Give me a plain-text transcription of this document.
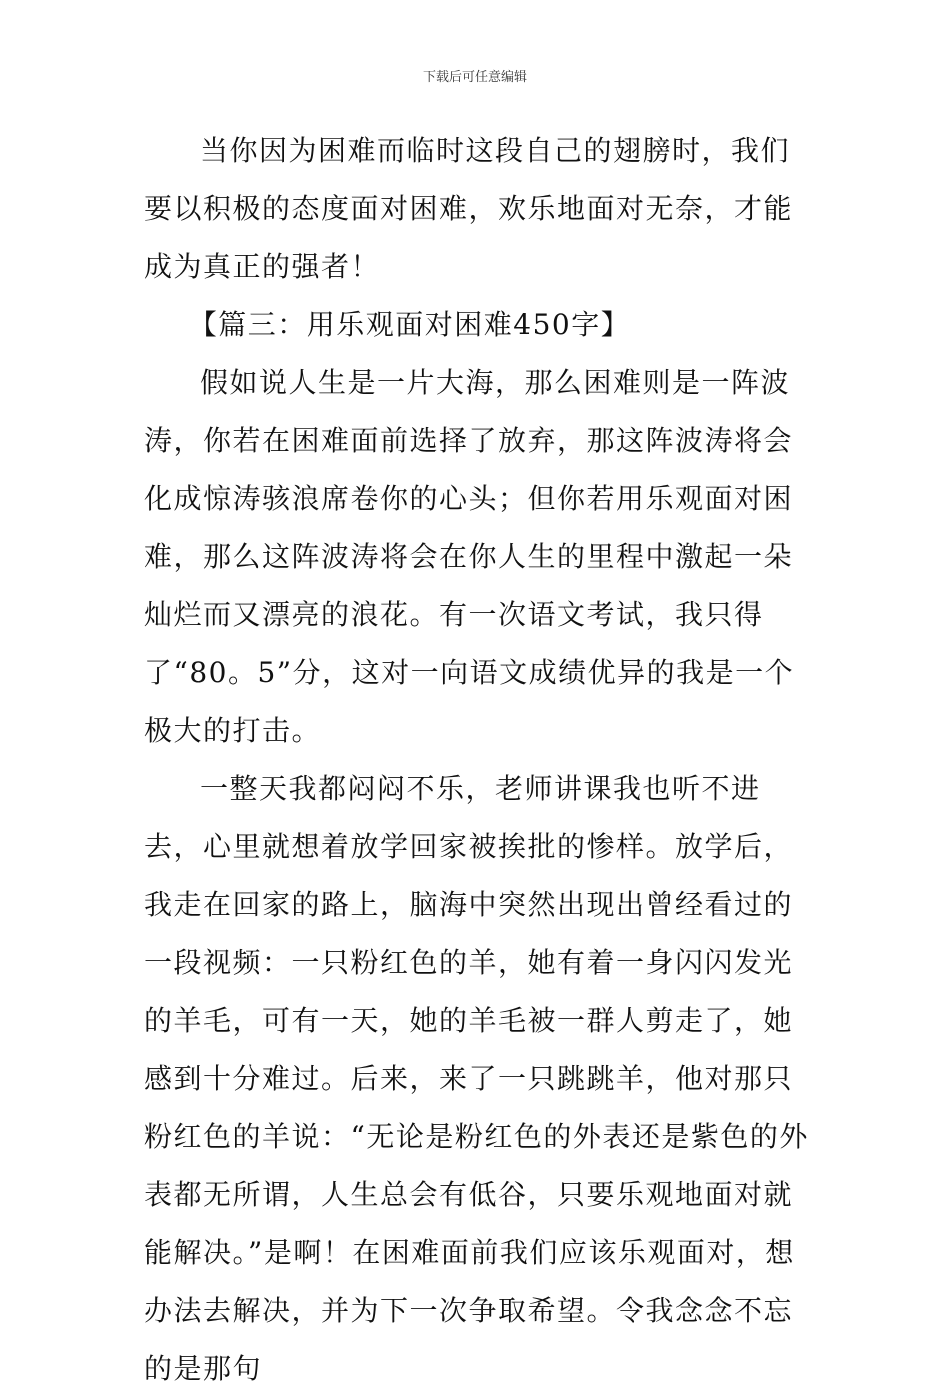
下载后可任意编辑

当你因为困难而临时这段自己的翅膀时，我们要以积极的态度面对困难，欢乐地面对无奈，才能成为真正的强者！

【篇三：用乐观面对困难450字】

假如说人生是一片大海，那么困难则是一阵波涛，你若在困难面前选择了放弃，那这阵波涛将会化成惊涛骇浪席卷你的心头；但你若用乐观面对困难，那么这阵波涛将会在你人生的里程中激起一朵灿烂而又漂亮的浪花。有一次语文考试，我只得了“80。5”分，这对一向语文成绩优异的我是一个极大的打击。

一整天我都闷闷不乐，老师讲课我也听不进去，心里就想着放学回家被挨批的惨样。放学后，我走在回家的路上，脑海中突然出现出曾经看过的一段视频：一只粉红色的羊，她有着一身闪闪发光的羊毛，可有一天，她的羊毛被一群人剪走了，她感到十分难过。后来，来了一只跳跳羊，他对那只粉红色的羊说：“无论是粉红色的外表还是紫色的外表都无所谓，人生总会有低谷，只要乐观地面对就能解决。”是啊！在困难面前我们应该乐观面对，想办法去解决，并为下一次争取希望。令我念念不忘的是那句
